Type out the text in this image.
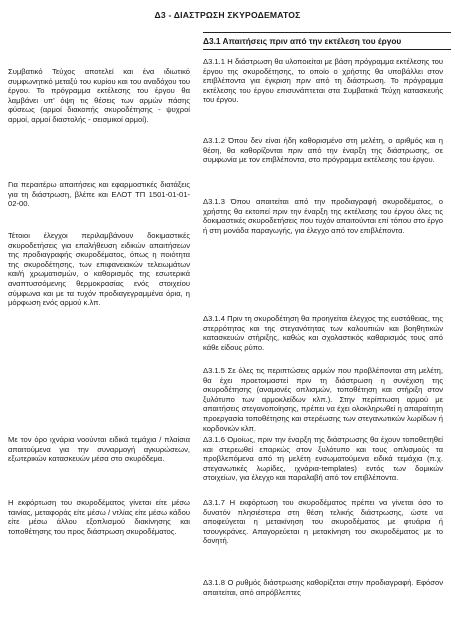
Δ3 - ΔΙΑΣΤΡΩΣΗ ΣΚΥΡΟΔΕΜΑΤΟΣ
Δ3.1 Απαιτήσεις πριν από την εκτέλεση του έργου

Συμβατικό Τεύχος αποτελεί και ένα ιδιωτικό συμφωνητικό μεταξύ του κυρίου και του αναδόχου του έργου. Το πρόγραμμα εκτέλεσης του έργου θα λαμβάνει υπ' όψη τις θέσεις των αρμών πάσης φύσεως (αρμοί διακοπής σκυροδέτησης - ψυχροί αρμοί, αρμοί διαστολής - σεισμικοί αρμοί).

Για περαιτέρω απαιτήσεις και εφαρμοστικές διατάξεις για τη διάστρωση, βλέπε και ΕΛΟΤ ΤΠ 1501-01-01-02-00.

Τέτοιοι έλεγχοι περιλαμβάνουν δοκιμαστικές σκυροδετήσεις για επαλήθευση ειδικών απαιτήσεων της προδιαγραφής σκυροδέματος, όπως η ποιότητα της σκυροδέτησης, των επιφανειακών τελειωμάτων και/ή χρωματισμών, ο καθορισμός της εσωτερικά αναπτυσσόμενης θερμοκρασίας ενός στοιχείου σύμφωνα και με τα τυχόν προδιαγεγραμμένα όρια, η μόρφωση ενός αρμού κ.λπ.

Με τον όρο ιχνάρια νοούνται ειδικά τεμάχια / πλαίσια απαιτούμενα για την συναρμογή αγκυρώσεων, εξωτερικών κατασκευών μέσα στο σκυρόδεμα.

Η εκφόρτωση του σκυροδέματος γίνεται είτε μέσω ταινίας, μεταφοράς είτε μέσω / ντλίας είτε μέσω κάδου είτε μέσω άλλου εξοπλισμού διακίνησης και τοποθέτησης του προς διάστρωση σκυροδέματος.

Δ3.1.1 Η διάστρωση θα υλοποιείται με βάση πρόγραμμα εκτέλεσης του έργου της σκυροδέτησης, το οποίο ο χρήστης θα υποβάλλει στον επιβλέποντα για έγκριση πριν από τη διάστρωση. Το πρόγραμμα εκτέλεσης του έργου επισυνάπτεται στα Συμβατικά Τεύχη κατασκευής του έργου.

Δ3.1.2 Όπου δεν είναι ήδη καθορισμένο στη μελέτη, ο αριθμός και η θέση, θα καθορίζονται πριν από την έναρξη της διάστρωσης, σε συμφωνία με τον επιβλέποντα, στο πρόγραμμα εκτέλεσης του έργου.

Δ3.1.3 Όπου απαιτείται από την προδιαγραφή σκυροδέματος, ο χρήστης θα εκτοπεί πριν την έναρξη της εκτέλεσης του έργου όλες τις δοκιμαστικές σκυροδετήσεις που τυχόν απαιτούνται επί τόπου στο έργο ή στη μονάδα παραγωγής, για έλεγχο από τον επιβλέποντα.

Δ3.1.4 Πριν τη σκυροδέτηση θα προηγείται έλεγχος της ευστάθειας, της στερρότητας και της στεγανότητας των καλουπιών και βοηθητικών κατασκευών στήριξης, καθώς και σχολαστικός καθαρισμός τους από κάθε είδους ρύπο.

Δ3.1.5 Σε όλες τις περιπτώσεις αρμών που προβλέπονται στη μελέτη, θα έχει προετοιμαστεί πριν τη διάστρωση η συνέχιση της σκυροδέτησης (αναμονές οπλισμών, τοποθέτηση και στήριξη στον ξυλότυπο των αρμοκλείδων κλπ.). Στην περίπτωση αρμού με απαιτήσεις στεγανοποίησης, πρέπει να έχει ολοκληρωθεί η απαραίτητη προεργασία τοποθέτησης και στερέωσης των στεγανωτικών λωρίδων ή κορδονιών κλπ.

Δ3.1.6 Ομοίως, πριν την έναρξη της διάστρωσης θα έχουν τοποθετηθεί και στερεωθεί επαρκώς στον ξυλότυπο και τους οπλισμούς τα προβλεπόμενα από τη μελέτη ενσωματούμενα ειδικά τεμάχια (π.χ. στεγανωτικές λωρίδες, ιχνάρια-templates) εντός των δομικών στοιχείων, για έλεγχο και παραλαβή από τον επιβλέποντα.

Δ3.1.7 Η εκφόρτωση του σκυροδέματος πρέπει να γίνεται όσο το δυνατόν πλησιέστερα στη θέση τελικής διάστρωσης, ώστε να αποφεύγεται η μετακίνηση του σκυροδέματος με φτυάρια ή τσουγκράνες. Απαγορεύεται η μετακίνηση του σκυροδέματος με το δονητή.

Δ3.1.8 Ο ρυθμός διάστρωσης καθορίζεται στην προδιαγραφή. Εφόσον απαιτείται, από απρόβλεπτες
